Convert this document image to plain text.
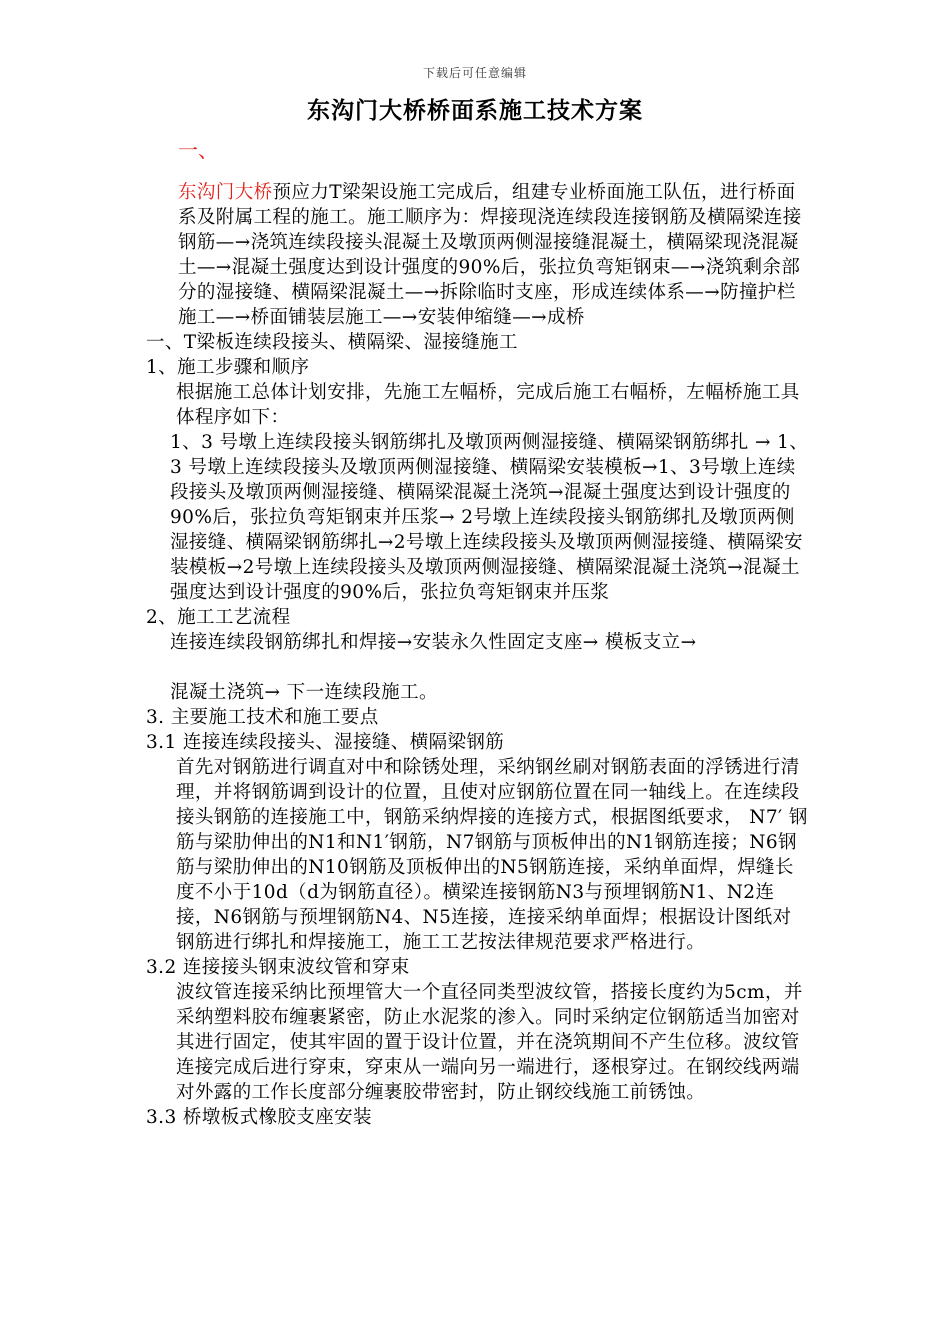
下载后可任意编辑
东沟门大桥桥面系施工技术方案
一、

东沟门大桥预应力T梁架设施工完成后，组建专业桥面施工队伍，进行桥面系及附属工程的施工。施工顺序为：焊接现浇连续段连接钢筋及横隔梁连接钢筋—→浇筑连续段接头混凝土及墩顶两侧湿接缝混凝土，横隔梁现浇混凝土—→混凝土强度达到设计强度的90%后，张拉负弯矩钢束—→浇筑剩余部分的湿接缝、横隔梁混凝土—→拆除临时支座，形成连续体系—→防撞护栏施工—→桥面铺装层施工—→安装伸缩缝—→成桥

一、T梁板连续段接头、横隔梁、湿接缝施工

1、施工步骤和顺序

根据施工总体计划安排，先施工左幅桥，完成后施工右幅桥，左幅桥施工具体程序如下：

1、3 号墩上连续段接头钢筋绑扎及墩顶两侧湿接缝、横隔梁钢筋绑扎 → 1、3 号墩上连续段接头及墩顶两侧湿接缝、横隔梁安装模板→1、3号墩上连续段接头及墩顶两侧湿接缝、横隔梁混凝土浇筑→混凝土强度达到设计强度的90%后，张拉负弯矩钢束并压浆→ 2号墩上连续段接头钢筋绑扎及墩顶两侧湿接缝、横隔梁钢筋绑扎→2号墩上连续段接头及墩顶两侧湿接缝、横隔梁安装模板→2号墩上连续段接头及墩顶两侧湿接缝、横隔梁混凝土浇筑→混凝土强度达到设计强度的90%后，张拉负弯矩钢束并压浆

2、施工工艺流程

连接连续段钢筋绑扎和焊接→安装永久性固定支座→ 模板支立→

混凝土浇筑→ 下一连续段施工。

3. 主要施工技术和施工要点

3.1 连接连续段接头、湿接缝、横隔梁钢筋

首先对钢筋进行调直对中和除锈处理，采纳钢丝刷对钢筋表面的浮锈进行清理，并将钢筋调到设计的位置，且使对应钢筋位置在同一轴线上。在连续段接头钢筋的连接施工中，钢筋采纳焊接的连接方式，根据图纸要求， N7′ 钢筋与梁肋伸出的N1和N1′钢筋，N7钢筋与顶板伸出的N1钢筋连接；N6钢筋与梁肋伸出的N10钢筋及顶板伸出的N5钢筋连接，采纳单面焊，焊缝长度不小于10d（d为钢筋直径）。横梁连接钢筋N3与预埋钢筋N1、N2连接，N6钢筋与预埋钢筋N4、N5连接，连接采纳单面焊；根据设计图纸对钢筋进行绑扎和焊接施工，施工工艺按法律规范要求严格进行。

3.2 连接接头钢束波纹管和穿束

波纹管连接采纳比预埋管大一个直径同类型波纹管，搭接长度约为5cm，并采纳塑料胶布缠裹紧密，防止水泥浆的渗入。同时采纳定位钢筋适当加密对其进行固定，使其牢固的置于设计位置，并在浇筑期间不产生位移。波纹管连接完成后进行穿束，穿束从一端向另一端进行，逐根穿过。在钢绞线两端对外露的工作长度部分缠裹胶带密封，防止钢绞线施工前锈蚀。

3.3 桥墩板式橡胶支座安装
